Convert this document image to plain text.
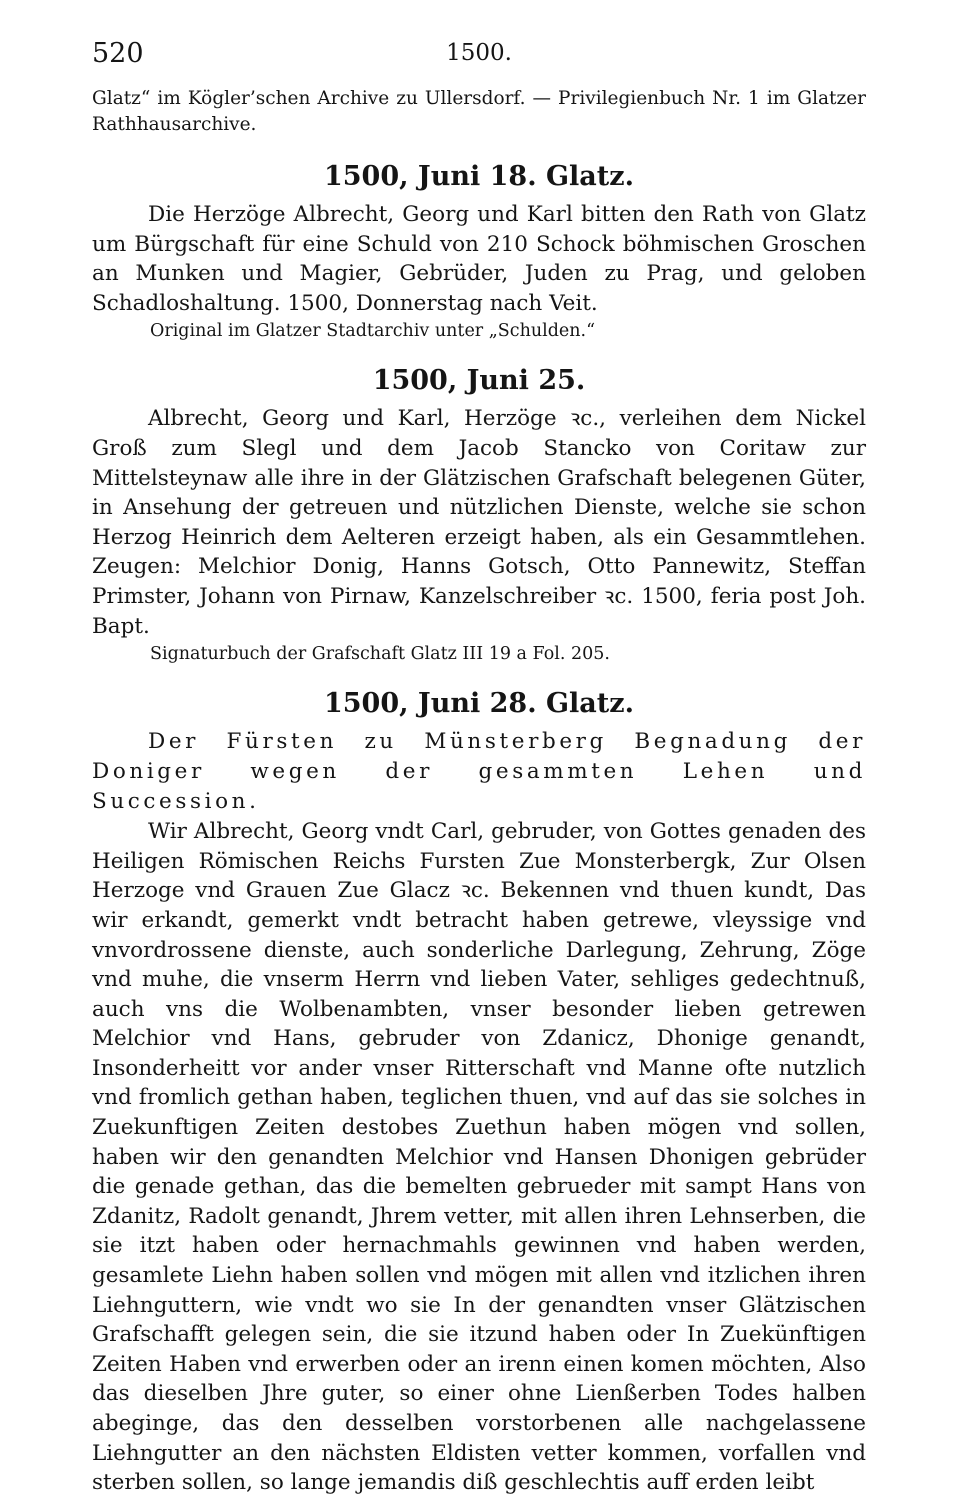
520	1500.

Glatz“ im Kögler’schen Archive zu Ullersdorf. — Privilegienbuch Nr. 1 im Glatzer Rathhausarchive.

1500, Juni 18. Glatz.

Die Herzöge Albrecht, Georg und Karl bitten den Rath von Glatz um Bürgschaft für eine Schuld von 210 Schock böhmischen Groschen an Munken und Magier, Gebrüder, Juden zu Prag, und geloben Schadloshaltung. 1500, Donnerstag nach Veit.

Original im Glatzer Stadtarchiv unter „Schulden.“

1500, Juni 25.

Albrecht, Georg und Karl, Herzöge ꝛc., verleihen dem Nickel Groß zum Slegl und dem Jacob Stancko von Coritaw zur Mittelsteynaw alle ihre in der Glätzischen Grafschaft belegenen Güter, in Ansehung der getreuen und nützlichen Dienste, welche sie schon Herzog Heinrich dem Aelteren erzeigt haben, als ein Gesammtlehen. Zeugen: Melchior Donig, Hanns Gotsch, Otto Pannewitz, Steffan Primster, Johann von Pirnaw, Kanzelschreiber ꝛc. 1500, feria post Joh. Bapt.

Signaturbuch der Grafschaft Glatz III 19 a Fol. 205.

1500, Juni 28. Glatz.

Der Fürsten zu Münsterberg Begnadung der Doniger wegen der gesammten Lehen und Succession.

Wir Albrecht, Georg vndt Carl, gebruder, von Gottes genaden des Heiligen Römischen Reichs Fursten Zue Monsterbergk, Zur Olsen Herzoge vnd Grauen Zue Glacz ꝛc. Bekennen vnd thuen kundt, Das wir erkandt, gemerkt vndt betracht haben getrewe, vleyssige vnd vnvordrossene dienste, auch sonderliche Darlegung, Zehrung, Zöge vnd muhe, die vnserm Herrn vnd lieben Vater, sehliges gedechtnuß, auch vns die Wolbenambten, vnser besonder lieben getrewen Melchior vnd Hans, gebruder von Zdanicz, Dhonige genandt, Insonderheitt vor ander vnser Ritterschaft vnd Manne ofte nutzlich vnd fromlich gethan haben, teglichen thuen, vnd auf das sie solches in Zuekunftigen Zeiten destobes Zuethun haben mögen vnd sollen, haben wir den genandten Melchior vnd Hansen Dhonigen gebrüder die genade gethan, das die bemelten gebrueder mit sampt Hans von Zdanitz, Radolt genandt, Jhrem vetter, mit allen ihren Lehnserben, die sie itzt haben oder hernachmahls gewinnen vnd haben werden, gesamlete Liehn haben sollen vnd mögen mit allen vnd itzlichen ihren Liehnguttern, wie vndt wo sie In der genandten vnser Glätzischen Grafschafft gelegen sein, die sie itzund haben oder In Zuekünftigen Zeiten Haben vnd erwerben oder an irenn einen komen möchten, Also das dieselben Jhre guter, so einer ohne Lienßerben Todes halben abeginge, das den desselben vorstorbenen alle nachgelassene Liehngutter an den nächsten Eldisten vetter kommen, vorfallen vnd sterben sollen, so lange jemandis diß geschlechtis auff erden leibt
